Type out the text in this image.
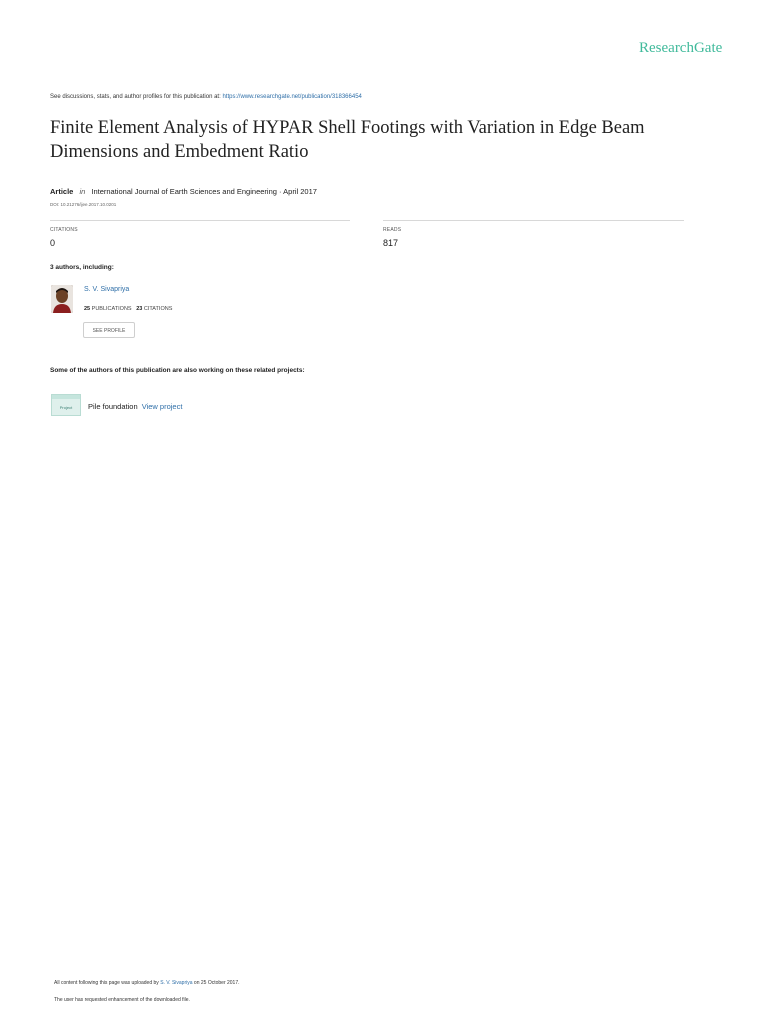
ResearchGate
See discussions, stats, and author profiles for this publication at: https://www.researchgate.net/publication/318366454
Finite Element Analysis of HYPAR Shell Footings with Variation in Edge Beam Dimensions and Embedment Ratio
Article in International Journal of Earth Sciences and Engineering · April 2017
DOI: 10.21276/ijee.2017.10.0201
CITATIONS
0
READS
817
3 authors, including:
S. V. Sivapriya
25 PUBLICATIONS 23 CITATIONS
SEE PROFILE
Some of the authors of this publication are also working on these related projects:
Project	Pile foundation View project
All content following this page was uploaded by S. V. Sivapriya on 25 October 2017.
The user has requested enhancement of the downloaded file.
